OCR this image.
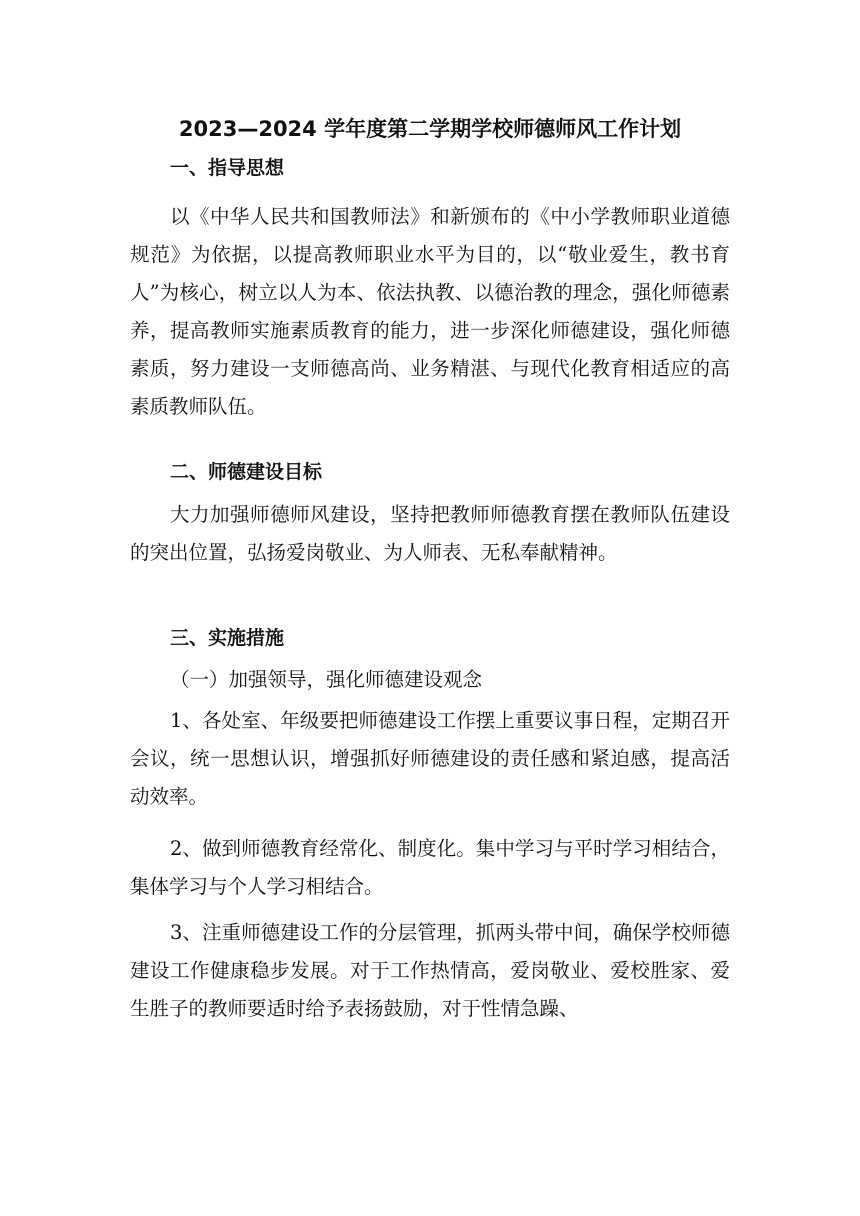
2023—2024 学年度第二学期学校师德师风工作计划
一、指导思想

以《中华人民共和国教师法》和新颁布的《中小学教师职业道德规范》为依据，以提高教师职业水平为目的，以“敬业爱生，教书育人”为核心，树立以人为本、依法执教、以德治教的理念，强化师德素养，提高教师实施素质教育的能力，进一步深化师德建设，强化师德素质，努力建设一支师德高尚、业务精湛、与现代化教育相适应的高素质教师队伍。

二、师德建设目标

大力加强师德师风建设，坚持把教师师德教育摆在教师队伍建设的突出位置，弘扬爱岗敬业、为人师表、无私奉献精神。

三、实施措施

（一）加强领导，强化师德建设观念

1、各处室、年级要把师德建设工作摆上重要议事日程，定期召开会议，统一思想认识，增强抓好师德建设的责任感和紧迫感，提高活动效率。

2、做到师德教育经常化、制度化。集中学习与平时学习相结合，集体学习与个人学习相结合。

3、注重师德建设工作的分层管理，抓两头带中间，确保学校师德建设工作健康稳步发展。对于工作热情高，爱岗敬业、爱校胜家、爱生胜子的教师要适时给予表扬鼓励，对于性情急躁、
